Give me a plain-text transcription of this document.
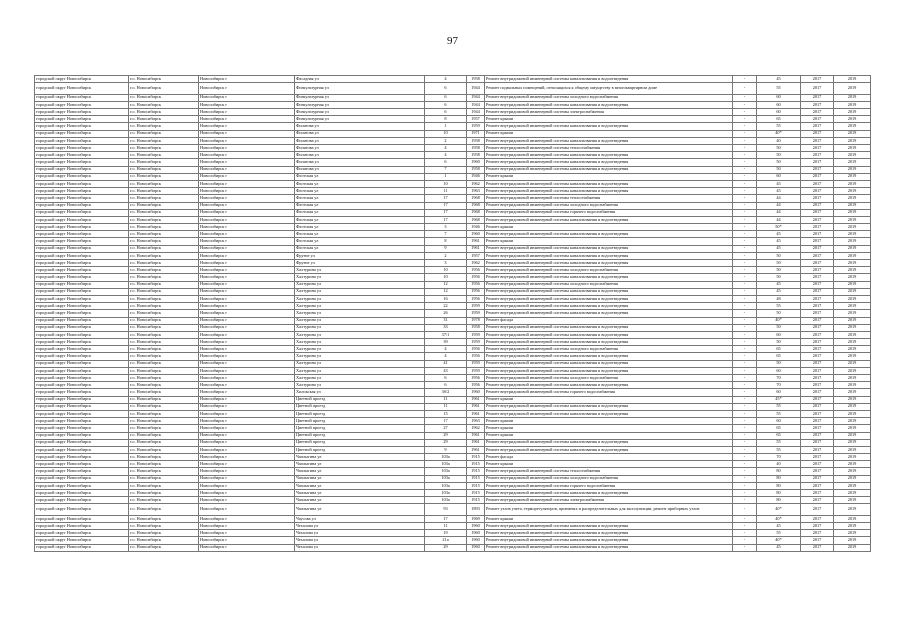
97
городской округ Новосибирск	г.о. Новосибирск	Новосибирск г	Фасадная ул	4	1958	Ремонт внутридомовой инженерной системы канализования и водоотведения	-	45	2017	2019
городской округ Новосибирск	г.о. Новосибирск	Новосибирск г	Физкультурная ул	6	1944	Ремонт подвальных помещений, относящихся к общему имуществу в многоквартирном доме	-	55	2017	2019
городской округ Новосибирск	г.о. Новосибирск	Новосибирск г	Физкультурная ул	6	1944	Ремонт внутридомовой инженерной системы холодного водоснабжения	-	60	2017	2019
городской округ Новосибирск	г.о. Новосибирск	Новосибирск г	Физкультурная ул	6	1944	Ремонт внутридомовой инженерной системы канализования и водоотведения	-	60	2017	2019
городской округ Новосибирск	г.о. Новосибирск	Новосибирск г	Физкультурная ул	6	1944	Ремонт внутридомовой инженерной системы электроснабжения	-	60	2017	2019
городской округ Новосибирск	г.о. Новосибирск	Новосибирск г	Физкультурная ул	8	1957	Ремонт крыши	-	65	2017	2019
городской округ Новосибирск	г.о. Новосибирск	Новосибирск г	Филатова ул	1	1959	Ремонт внутридомовой инженерной системы канализования и водоотведения	-	55	2017	2019
городской округ Новосибирск	г.о. Новосибирск	Новосибирск г	Филатова ул	10	1971	Ремонт крыши	-	40*	2017	2019
городской округ Новосибирск	г.о. Новосибирск	Новосибирск г	Филатова ул	2	1958	Ремонт внутридомовой инженерной системы канализования и водоотведения	-	40	2017	2019
городской округ Новосибирск	г.о. Новосибирск	Новосибирск г	Филатова ул	4	1958	Ремонт внутридомовой инженерной системы теплоснабжения	-	50	2017	2019
городской округ Новосибирск	г.о. Новосибирск	Новосибирск г	Филатова ул	4	1958	Ремонт внутридомовой инженерной системы канализования и водоотведения	-	50	2017	2019
городской округ Новосибирск	г.о. Новосибирск	Новосибирск г	Филатова ул	6	1960	Ремонт внутридомовой инженерной системы канализования и водоотведения	-	50	2017	2019
городской округ Новосибирск	г.о. Новосибирск	Новосибирск г	Филатова ул	7	1958	Ремонт внутридомовой инженерной системы канализования и водоотведения	-	50	2017	2019
городской округ Новосибирск	г.о. Новосибирск	Новосибирск г	Флотская ул	1	1946	Ремонт крыши	-	60	2017	2019
городской округ Новосибирск	г.о. Новосибирск	Новосибирск г	Флотская ул	10	1962	Ремонт внутридомовой инженерной системы канализования и водоотведения	-	45	2017	2019
городской округ Новосибирск	г.о. Новосибирск	Новосибирск г	Флотская ул	11	1963	Ремонт внутридомовой инженерной системы канализования и водоотведения	-	45	2017	2019
городской округ Новосибирск	г.о. Новосибирск	Новосибирск г	Флотская ул	17	1968	Ремонт внутридомовой инженерной системы теплоснабжения	-	44	2017	2019
городской округ Новосибирск	г.о. Новосибирск	Новосибирск г	Флотская ул	17	1968	Ремонт внутридомовой инженерной системы холодного водоснабжения	-	44	2017	2019
городской округ Новосибирск	г.о. Новосибирск	Новосибирск г	Флотская ул	17	1968	Ремонт внутридомовой инженерной системы горячего водоснабжения	-	44	2017	2019
городской округ Новосибирск	г.о. Новосибирск	Новосибирск г	Флотская ул	17	1968	Ремонт внутридомовой инженерной системы канализования и водоотведения	-	44	2017	2019
городской округ Новосибирск	г.о. Новосибирск	Новосибирск г	Флотская ул	3	1946	Ремонт крыши	-	50*	2017	2019
городской округ Новосибирск	г.о. Новосибирск	Новосибирск г	Флотская ул	7	1960	Ремонт внутридомовой инженерной системы канализования и водоотведения	-	45	2017	2019
городской округ Новосибирск	г.о. Новосибирск	Новосибирск г	Флотская ул	8	1961	Ремонт крыши	-	45	2017	2019
городской округ Новосибирск	г.о. Новосибирск	Новосибирск г	Флотская ул	9	1961	Ремонт внутридомовой инженерной системы канализования и водоотведения	-	45	2017	2019
городской округ Новосибирск	г.о. Новосибирск	Новосибирск г	Фрунзе ул	2	1957	Ремонт внутридомовой инженерной системы канализования и водоотведения	-	50	2017	2019
городской округ Новосибирск	г.о. Новосибирск	Новосибирск г	Фрунзе ул	3	1962	Ремонт внутридомовой инженерной системы канализования и водоотведения	-	50	2017	2019
городской округ Новосибирск	г.о. Новосибирск	Новосибирск г	Халтурина ул	10	1956	Ремонт внутридомовой инженерной системы холодного водоснабжения	-	50	2017	2019
городской округ Новосибирск	г.о. Новосибирск	Новосибирск г	Халтурина ул	10	1956	Ремонт внутридомовой инженерной системы канализования и водоотведения	-	50	2017	2019
городской округ Новосибирск	г.о. Новосибирск	Новосибирск г	Халтурина ул	12	1956	Ремонт внутридомовой инженерной системы холодного водоснабжения	-	45	2017	2019
городской округ Новосибирск	г.о. Новосибирск	Новосибирск г	Халтурина ул	12	1956	Ремонт внутридомовой инженерной системы канализования и водоотведения	-	45	2017	2019
городской округ Новосибирск	г.о. Новосибирск	Новосибирск г	Халтурина ул	16	1956	Ремонт внутридомовой инженерной системы канализования и водоотведения	-	48	2017	2019
городской округ Новосибирск	г.о. Новосибирск	Новосибирск г	Халтурина ул	22	1959	Ремонт внутридомовой инженерной системы канализования и водоотведения	-	55	2017	2019
городской округ Новосибирск	г.о. Новосибирск	Новосибирск г	Халтурина ул	26	1959	Ремонт внутридомовой инженерной системы канализования и водоотведения	-	50	2017	2019
городской округ Новосибирск	г.о. Новосибирск	Новосибирск г	Халтурина ул	31	1978	Ремонт фасада	-	40*	2017	2019
городской округ Новосибирск	г.о. Новосибирск	Новосибирск г	Халтурина ул	33	1958	Ремонт внутридомовой инженерной системы канализования и водоотведения	-	50	2017	2019
городской округ Новосибирск	г.о. Новосибирск	Новосибирск г	Халтурина ул	37/1	1959	Ремонт внутридомовой инженерной системы канализования и водоотведения	-	60	2017	2019
городской округ Новосибирск	г.о. Новосибирск	Новосибирск г	Халтурина ул	39	1959	Ремонт внутридомовой инженерной системы канализования и водоотведения	-	50	2017	2019
городской округ Новосибирск	г.о. Новосибирск	Новосибирск г	Халтурина ул	4	1956	Ремонт внутридомовой инженерной системы холодного водоснабжения	-	65	2017	2019
городской округ Новосибирск	г.о. Новосибирск	Новосибирск г	Халтурина ул	4	1956	Ремонт внутридомовой инженерной системы канализования и водоотведения	-	65	2017	2019
городской округ Новосибирск	г.о. Новосибирск	Новосибирск г	Халтурина ул	41	1959	Ремонт внутридомовой инженерной системы канализования и водоотведения	-	50	2017	2019
городской округ Новосибирск	г.о. Новосибирск	Новосибирск г	Халтурина ул	43	1959	Ремонт внутридомовой инженерной системы канализования и водоотведения	-	60	2017	2019
городской округ Новосибирск	г.о. Новосибирск	Новосибирск г	Халтурина ул	6	1956	Ремонт внутридомовой инженерной системы холодного водоснабжения	-	70	2017	2019
городской округ Новосибирск	г.о. Новосибирск	Новосибирск г	Халтурина ул	6	1956	Ремонт внутридомовой инженерной системы канализования и водоотведения	-	70	2017	2019
городской округ Новосибирск	г.о. Новосибирск	Новосибирск г	Хилокская ул	3б/2	1960	Ремонт внутридомовой инженерной системы горячего водоснабжения	-	60	2017	2019
городской округ Новосибирск	г.о. Новосибирск	Новосибирск г	Цветной проезд	11	1961	Ремонт крыши	-	45*	2017	2019
городской округ Новосибирск	г.о. Новосибирск	Новосибирск г	Цветной проезд	11	1961	Ремонт внутридомовой инженерной системы канализования и водоотведения	-	55	2017	2019
городской округ Новосибирск	г.о. Новосибирск	Новосибирск г	Цветной проезд	15	1961	Ремонт внутридомовой инженерной системы канализования и водоотведения	-	55	2017	2019
городской округ Новосибирск	г.о. Новосибирск	Новосибирск г	Цветной проезд	17	1963	Ремонт крыши	-	60	2017	2019
городской округ Новосибирск	г.о. Новосибирск	Новосибирск г	Цветной проезд	27	1962	Ремонт крыши	-	65	2017	2019
городской округ Новосибирск	г.о. Новосибирск	Новосибирск г	Цветной проезд	29	1961	Ремонт крыши	-	65	2017	2019
городской округ Новосибирск	г.о. Новосибирск	Новосибирск г	Цветной проезд	29	1961	Ремонт внутридомовой инженерной системы канализования и водоотведения	-	55	2017	2019
городской округ Новосибирск	г.о. Новосибирск	Новосибирск г	Цветной проезд	9	1961	Ремонт внутридомовой инженерной системы канализования и водоотведения	-	55	2017	2019
городской округ Новосибирск	г.о. Новосибирск	Новосибирск г	Чаплыгина ул	103а	1915	Ремонт фасада	-	70	2017	2019
городской округ Новосибирск	г.о. Новосибирск	Новосибирск г	Чаплыгина ул	103а	1915	Ремонт крыши	-	40	2017	2019
городской округ Новосибирск	г.о. Новосибирск	Новосибирск г	Чаплыгина ул	103а	1915	Ремонт внутридомовой инженерной системы теплоснабжения	-	80	2017	2019
городской округ Новосибирск	г.о. Новосибирск	Новосибирск г	Чаплыгина ул	103а	1915	Ремонт внутридомовой инженерной системы холодного водоснабжения	-	80	2017	2019
городской округ Новосибирск	г.о. Новосибирск	Новосибирск г	Чаплыгина ул	103а	1915	Ремонт внутридомовой инженерной системы горячего водоснабжения	-	80	2017	2019
городской округ Новосибирск	г.о. Новосибирск	Новосибирск г	Чаплыгина ул	103а	1915	Ремонт внутридомовой инженерной системы канализования и водоотведения	-	80	2017	2019
городской округ Новосибирск	г.о. Новосибирск	Новосибирск г	Чаплыгина ул	103а	1915	Ремонт внутридомовой инженерной системы электроснабжения	-	80	2017	2019
городской округ Новосибирск	г.о. Новосибирск	Новосибирск г	Чаплыгина ул	93	1893	Ремонт узлов учета, терморегуляторов, приемных и распределительных для эксплуатации, ремонт приборных узлов	-	40*	2017	2019
городской округ Новосибирск	г.о. Новосибирск	Новосибирск г	Чаусова ул	17	1969	Ремонт крыши	-	40*	2017	2019
городской округ Новосибирск	г.о. Новосибирск	Новосибирск г	Чехалова ул	11	1960	Ремонт внутридомовой инженерной системы канализования и водоотведения	-	45	2017	2019
городской округ Новосибирск	г.о. Новосибирск	Новосибирск г	Чехалова ул	19	1960	Ремонт внутридомовой инженерной системы канализования и водоотведения	-	55	2017	2019
городской округ Новосибирск	г.о. Новосибирск	Новосибирск г	Чехалова ул	21а	1960	Ремонт внутридомовой инженерной системы канализования и водоотведения	-	40*	2017	2019
городской округ Новосибирск	г.о. Новосибирск	Новосибирск г	Чехалова ул	29	1960	Ремонт внутридомовой инженерной системы канализования и водоотведения	-	45	2017	2019
